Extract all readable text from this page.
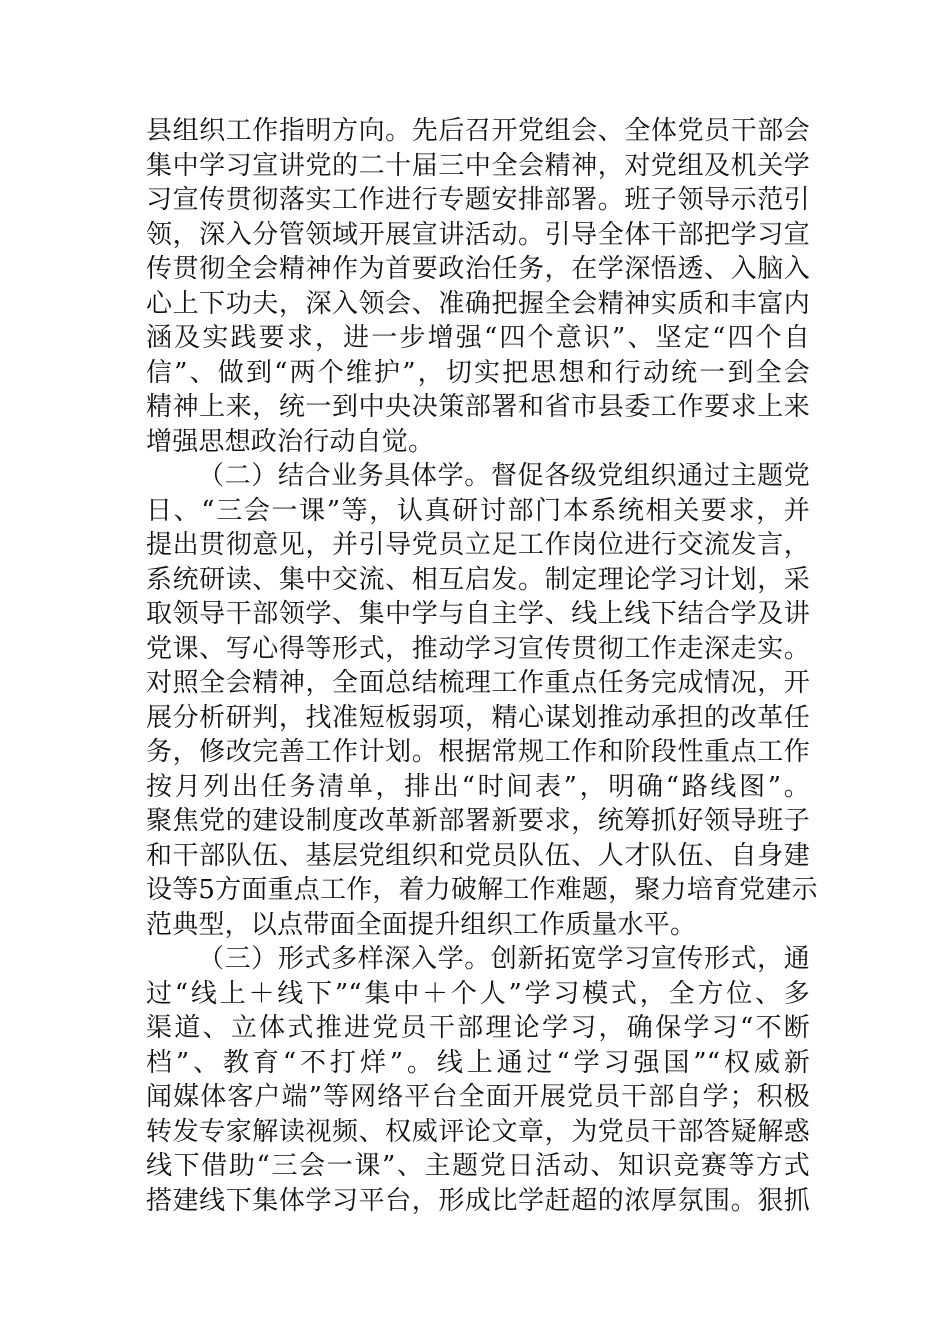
县组织工作指明方向。先后召开党组会、全体党员干部会
集中学习宣讲党的二十届三中全会精神，对党组及机关学
习宣传贯彻落实工作进行专题安排部署。班子领导示范引
领，深入分管领域开展宣讲活动。引导全体干部把学习宣
传贯彻全会精神作为首要政治任务，在学深悟透、入脑入
心上下功夫，深入领会、准确把握全会精神实质和丰富内
涵及实践要求，进一步增强“四个意识”、坚定“四个自
信”、做到“两个维护”，切实把思想和行动统一到全会
精神上来，统一到中央决策部署和省市县委工作要求上来
增强思想政治行动自觉。
（二）结合业务具体学。督促各级党组织通过主题党
日、“三会一课”等，认真研讨部门本系统相关要求，并
提出贯彻意见，并引导党员立足工作岗位进行交流发言，
系统研读、集中交流、相互启发。制定理论学习计划，采
取领导干部领学、集中学与自主学、线上线下结合学及讲
党课、写心得等形式，推动学习宣传贯彻工作走深走实。
对照全会精神，全面总结梳理工作重点任务完成情况，开
展分析研判，找准短板弱项，精心谋划推动承担的改革任
务，修改完善工作计划。根据常规工作和阶段性重点工作
按月列出任务清单，排出“时间表”，明确“路线图”。
聚焦党的建设制度改革新部署新要求，统筹抓好领导班子
和干部队伍、基层党组织和党员队伍、人才队伍、自身建
设等5方面重点工作，着力破解工作难题，聚力培育党建示
范典型，以点带面全面提升组织工作质量水平。
（三）形式多样深入学。创新拓宽学习宣传形式，通
过“线上＋线下”“集中＋个人”学习模式，全方位、多
渠道、立体式推进党员干部理论学习，确保学习“不断
档”、教育“不打烊”。线上通过“学习强国”“权威新
闻媒体客户端”等网络平台全面开展党员干部自学；积极
转发专家解读视频、权威评论文章，为党员干部答疑解惑
线下借助“三会一课”、主题党日活动、知识竞赛等方式
搭建线下集体学习平台，形成比学赶超的浓厚氛围。狠抓
